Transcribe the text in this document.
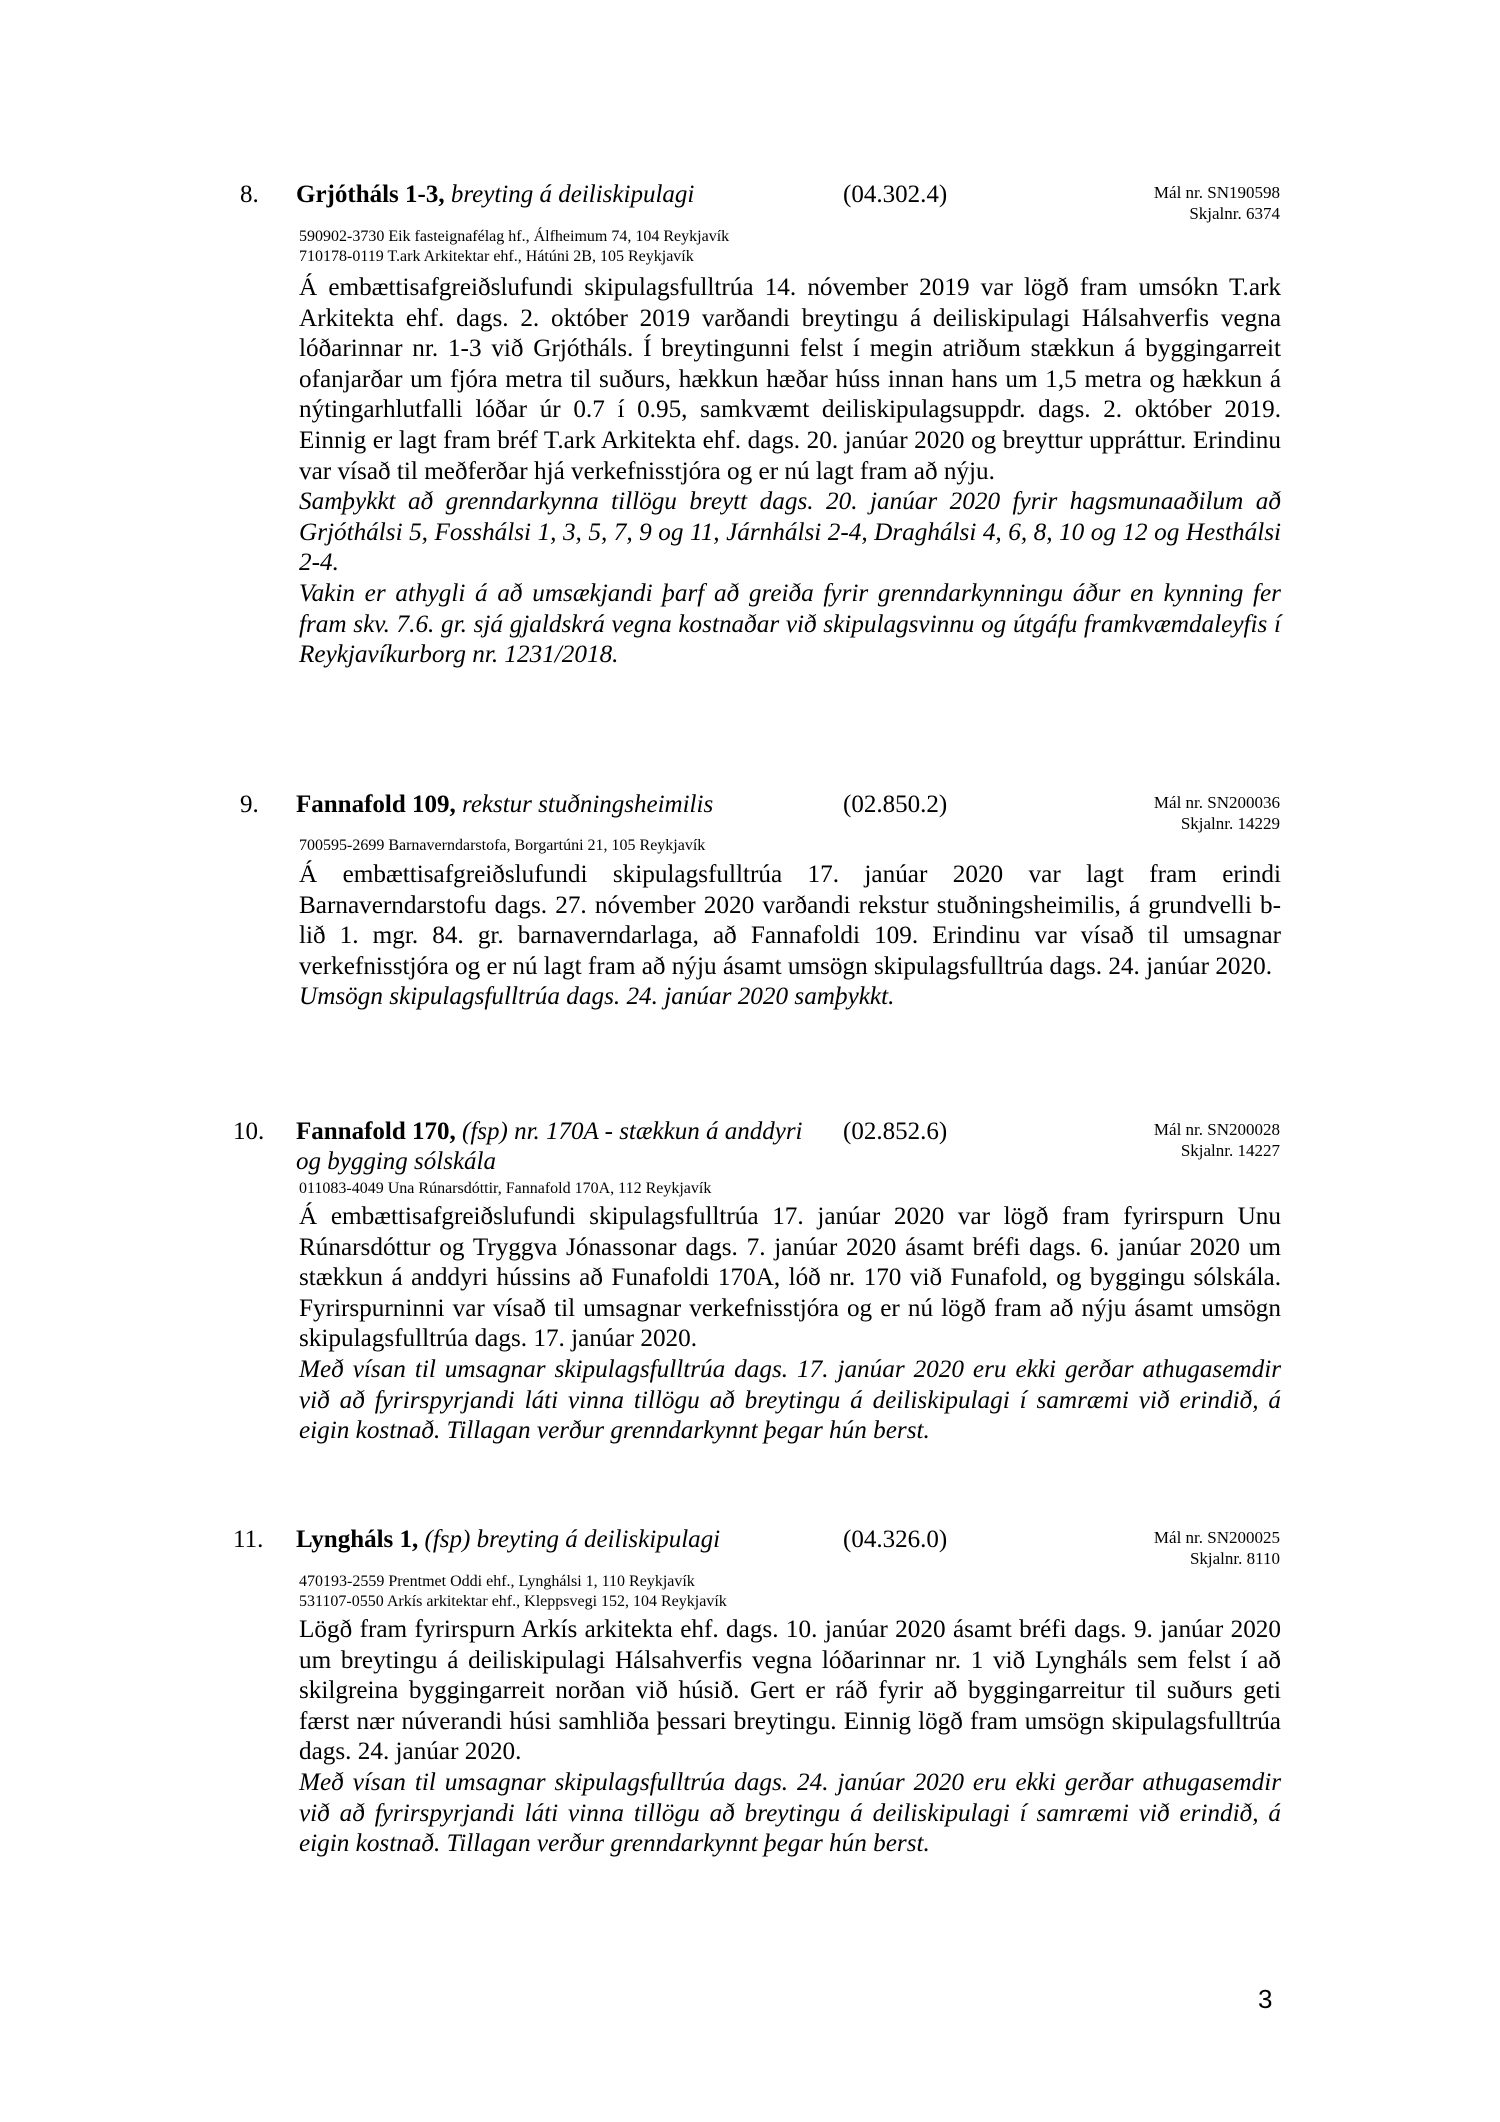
8. Grjótháls 1-3, breyting á deiliskipulagi	(04.302.4)	Mál nr. SN190598
Skjalnr. 6374
590902-3730 Eik fasteignafélag hf., Álfheimum 74, 104 Reykjavík
710178-0119 T.ark Arkitektar ehf., Hátúni 2B, 105 Reykjavík

Á embættisafgreiðslufundi skipulagsfulltrúa 14. nóvember 2019 var lögð fram umsókn T.ark Arkitekta ehf. dags. 2. október 2019 varðandi breytingu á deiliskipulagi Hálsahverfis vegna lóðarinnar nr. 1-3 við Grjótháls. Í breytingunni felst í megin atriðum stækkun á byggingarreit ofanjarðar um fjóra metra til suðurs, hækkun hæðar húss innan hans um 1,5 metra og hækkun á nýtingarhlutfalli lóðar úr 0.7 í 0.95, samkvæmt deiliskipulagsuppdr. dags. 2. október 2019. Einnig er lagt fram bréf T.ark Arkitekta ehf. dags. 20. janúar 2020 og breyttur uppráttur. Erindinu var vísað til meðferðar hjá verkefnisstjóra og er nú lagt fram að nýju.

Samþykkt að grenndarkynna tillögu breytt dags. 20. janúar 2020 fyrir hagsmunaaðilum að Grjóthálsi 5, Fosshálsi 1, 3, 5, 7, 9 og 11, Járnhálsi 2-4, Draghálsi 4, 6, 8, 10 og 12 og Hesthálsi 2-4.

Vakin er athygli á að umsækjandi þarf að greiða fyrir grenndarkynningu áður en kynning fer fram skv. 7.6. gr. sjá gjaldskrá vegna kostnaðar við skipulagsvinnu og útgáfu framkvæmdaleyfis í Reykjavíkurborg nr. 1231/2018.

9. Fannafold 109, rekstur stuðningsheimilis	(02.850.2)	Mál nr. SN200036
Skjalnr. 14229
700595-2699 Barnaverndarstofa, Borgartúni 21, 105 Reykjavík

Á embættisafgreiðslufundi skipulagsfulltrúa 17. janúar 2020 var lagt fram erindi Barnaverndarstofu dags. 27. nóvember 2020 varðandi rekstur stuðningsheimilis, á grundvelli b-lið 1. mgr. 84. gr. barnaverndarlaga, að Fannafoldi 109. Erindinu var vísað til umsagnar verkefnisstjóra og er nú lagt fram að nýju ásamt umsögn skipulagsfulltrúa dags. 24. janúar 2020.

Umsögn skipulagsfulltrúa dags. 24. janúar 2020 samþykkt.

10. Fannafold 170, (fsp) nr. 170A - stækkun á anddyri og bygging sólskála
(02.852.6)	Mál nr. SN200028
Skjalnr. 14227
011083-4049 Una Rúnarsdóttir, Fannafold 170A, 112 Reykjavík

Á embættisafgreiðslufundi skipulagsfulltrúa 17. janúar 2020 var lögð fram fyrirspurn Unu Rúnarsdóttur og Tryggva Jónassonar dags. 7. janúar 2020 ásamt bréfi dags. 6. janúar 2020 um stækkun á anddyri hússins að Funafoldi 170A, lóð nr. 170 við Funafold, og byggingu sólskála. Fyrirspurninni var vísað til umsagnar verkefnisstjóra og er nú lögð fram að nýju ásamt umsögn skipulagsfulltrúa dags. 17. janúar 2020.

Með vísan til umsagnar skipulagsfulltrúa dags. 17. janúar 2020 eru ekki gerðar athugasemdir við að fyrirspyrjandi láti vinna tillögu að breytingu á deiliskipulagi í samræmi við erindið, á eigin kostnað. Tillagan verður grenndarkynnt þegar hún berst.

11. Lyngháls 1, (fsp) breyting á deiliskipulagi	(04.326.0)	Mál nr. SN200025
Skjalnr. 8110
470193-2559 Prentmet Oddi ehf., Lynghálsi 1, 110 Reykjavík
531107-0550 Arkís arkitektar ehf., Kleppsvegi 152, 104 Reykjavík

Lögð fram fyrirspurn Arkís arkitekta ehf. dags. 10. janúar 2020 ásamt bréfi dags. 9. janúar 2020 um breytingu á deiliskipulagi Hálsahverfis vegna lóðarinnar nr. 1 við Lyngháls sem felst í að skilgreina byggingarreit norðan við húsið. Gert er ráð fyrir að byggingarreitur til suðurs geti færst nær núverandi húsi samhliða þessari breytingu. Einnig lögð fram umsögn skipulagsfulltrúa dags. 24. janúar 2020.

Með vísan til umsagnar skipulagsfulltrúa dags. 24. janúar 2020 eru ekki gerðar athugasemdir við að fyrirspyrjandi láti vinna tillögu að breytingu á deiliskipulagi í samræmi við erindið, á eigin kostnað. Tillagan verður grenndarkynnt þegar hún berst.

3
